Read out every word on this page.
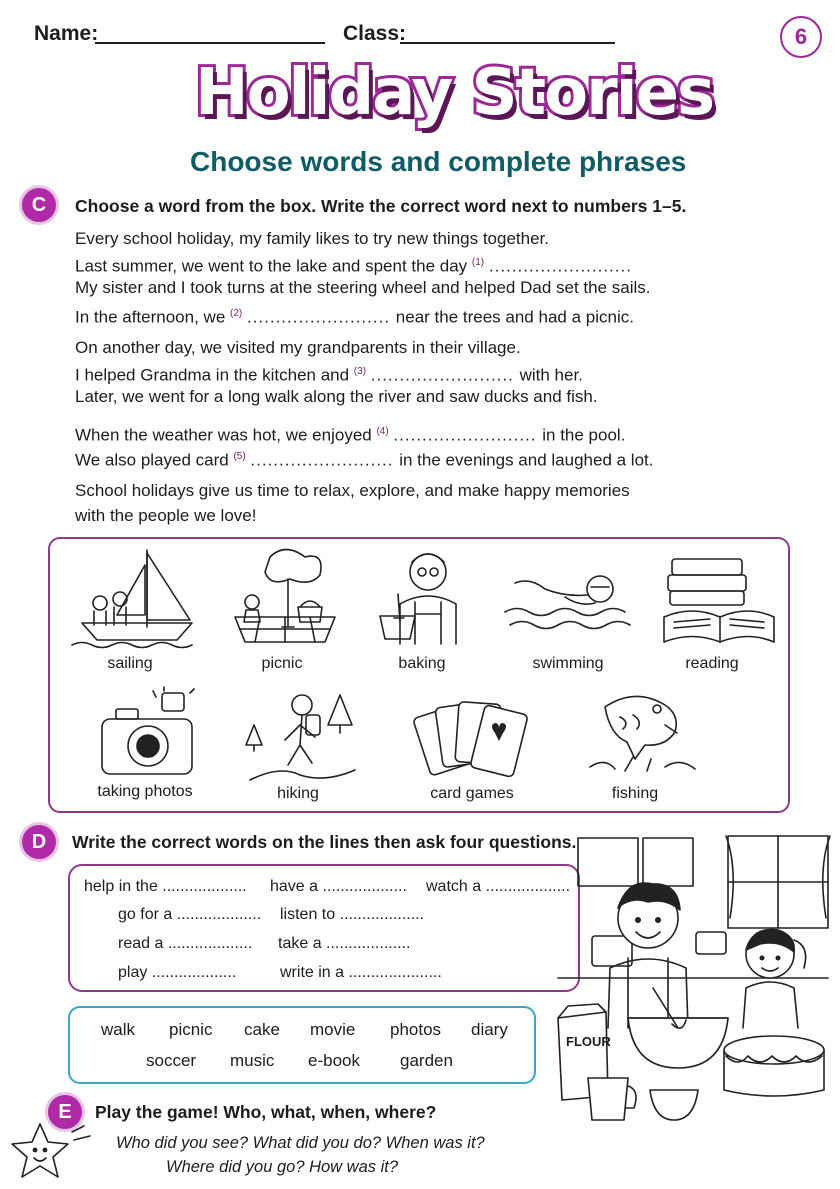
Name:	Class:	6
Holiday Stories
Choose words and complete phrases
C	Choose a word from the box. Write the correct word next to numbers 1–5.
Every school holiday, my family likes to try new things together.
Last summer, we went to the lake and spent the day $^{(1)}$ .........................
My sister and I took turns at the steering wheel and helped Dad set the sails.
In the afternoon, we $^{(2)}$ ......................... near the trees and had a picnic.
On another day, we visited my grandparents in their village.
I helped Grandma in the kitchen and $^{(3)}$ ......................... with her.
Later, we went for a long walk along the river and saw ducks and fish.
When the weather was hot, we enjoyed $^{(4)}$ ......................... in the pool.
We also played card $^{(5)}$ ......................... in the evenings and laughed a lot.
School holidays give us time to relax, explore, and make happy memories
with the people we love!
sailing	picnic	baking	swimming	reading
taking photos	hiking	card games	fishing
D	Write the correct words on the lines then ask four questions.
help in the ................... have a ................... watch a ...................
go for a ................... listen to ...................
read a ................... take a ...................
play ...................	write in a .....................
walk picnic cake movie photos diary
soccer music e-book garden
FLOUR
E	Play the game! Who, what, when, where?
Who did you see? What did you do? When was it?
Where did you go? How was it?
